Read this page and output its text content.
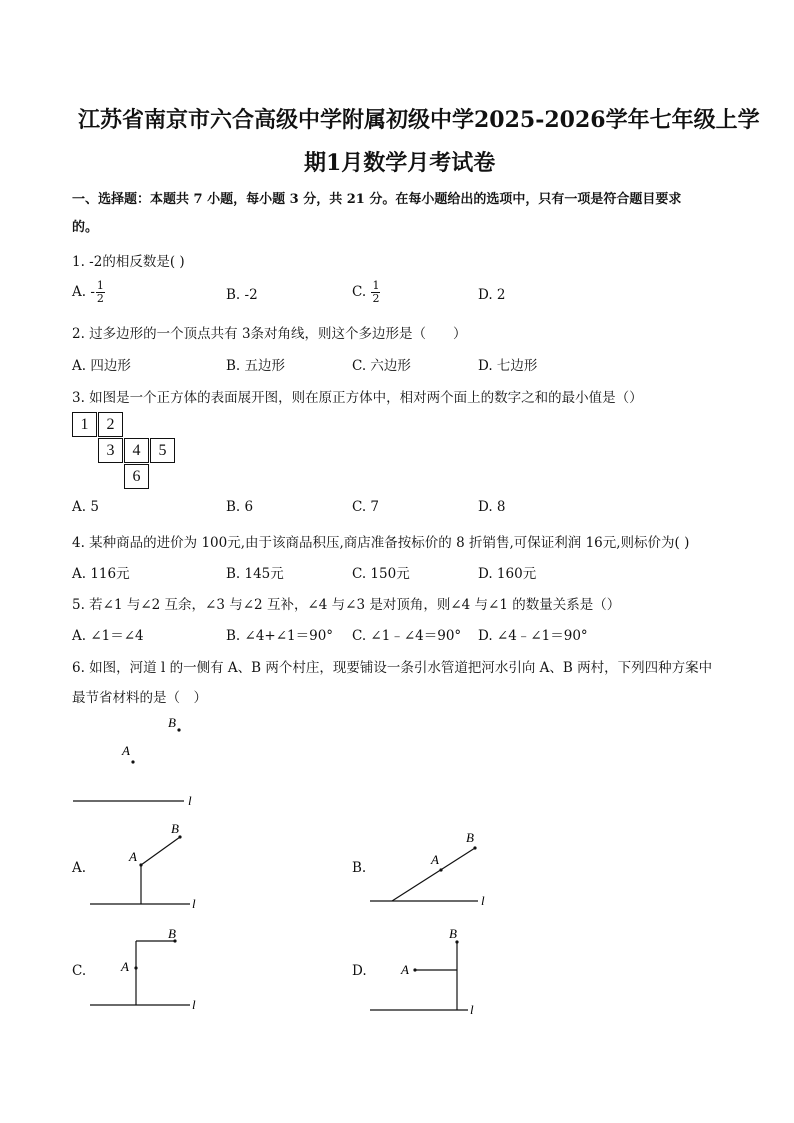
江苏省南京市六合高级中学附属初级中学2025-2026学年七年级上学
期1月数学月考试卷
一、选择题：本题共 7 小题，每小题 3 分，共 21 分。在每小题给出的选项中，只有一项是符合题目要求
的。
1. -2的相反数是( )
A. - $\frac{1}{2}$	B. -2	C. $\frac{1}{2}$	D. 2
2. 过多边形的一个顶点共有 3条对角线，则这个多边形是（　　）
A. 四边形	B. 五边形	C. 六边形	D. 七边形
3. 如图是一个正方体的表面展开图，则在原正方体中，相对两个面上的数字之和的最小值是（）
1	2
3	4	5
6
A. 5	B. 6	C. 7	D. 8
4. 某种商品的进价为 100元,由于该商品积压,商店准备按标价的 8 折销售,可保证利润 16元,则标价为( )
A. 116元	B. 145元	C. 150元	D. 160元
5. 若∠1 与∠2 互余，∠3 与∠2 互补，∠4 与∠3 是对顶角，则∠4 与∠1 的数量关系是（）
A. ∠1＝∠4	B. ∠4+∠1＝90° C. ∠1﹣∠4＝90° D. ∠4﹣∠1＝90°
6. 如图，河道 l 的一侧有 A、B 两个村庄，现要铺设一条引水管道把河水引向 A、B 两村，下列四种方案中
最节省材料的是（　）
B
A
l
A.
l
A
B
B.
l
A
B
C.
l
A
B
D.
l
A
B
